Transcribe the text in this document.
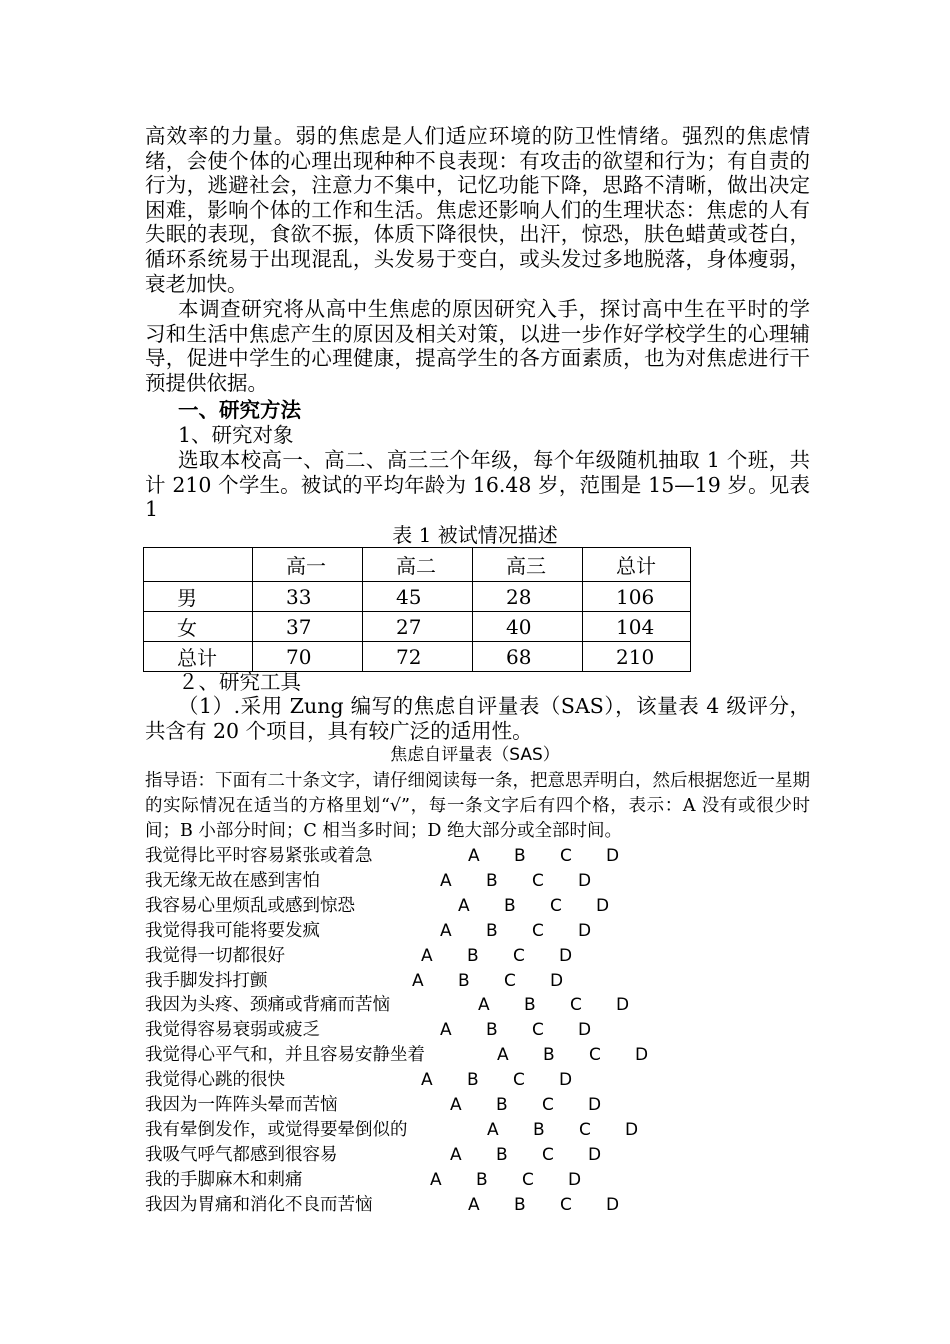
高效率的力量。弱的焦虑是人们适应环境的防卫性情绪。强烈的焦虑情绪，会使个体的心理出现种种不良表现：有攻击的欲望和行为；有自责的行为，逃避社会，注意力不集中，记忆功能下降，思路不清晰，做出决定困难，影响个体的工作和生活。焦虑还影响人们的生理状态：焦虑的人有失眠的表现，食欲不振，体质下降很快，出汗，惊恐，肤色蜡黄或苍白，循环系统易于出现混乱，头发易于变白，或头发过多地脱落，身体瘦弱，衰老加快。

本调查研究将从高中生焦虑的原因研究入手，探讨高中生在平时的学习和生活中焦虑产生的原因及相关对策，以进一步作好学校学生的心理辅导，促进中学生的心理健康，提高学生的各方面素质，也为对焦虑进行干预提供依据。

一、研究方法
1、研究对象

选取本校高一、高二、高三三个年级，每个年级随机抽取 1 个班，共计 210 个学生。被试的平均年龄为 16.48 岁，范围是 15—19 岁。见表 1

表 1 被试情况描述
	高一	高二	高三	总计
男	33	45	28	106
女	37	27	40	104
总计	70	72	68	210
２、研究工具

（1）.采用 Zung 编写的焦虑自评量表（SAS），该量表 4 级评分，共含有 20 个项目，具有较广泛的适用性。

焦虑自评量表（SAS）

指导语：下面有二十条文字，请仔细阅读每一条，把意思弄明白，然后根据您近一星期的实际情况在适当的方格里划“√”，每一条文字后有四个格，表示：A 没有或很少时间；B 小部分时间；C 相当多时间；D 绝大部分或全部时间。

我觉得比平时容易紧张或着急	A B C D
我无缘无故在感到害怕	A B C D
我容易心里烦乱或感到惊恐	A B C D
我觉得我可能将要发疯	A B C D
我觉得一切都很好	A B C D
我手脚发抖打颤	A B C D
我因为头疼、颈痛或背痛而苦恼	A B C D
我觉得容易衰弱或疲乏	A B C D
我觉得心平气和，并且容易安静坐着	A B C D
我觉得心跳的很快	A B C D
我因为一阵阵头晕而苦恼	A B C D
我有晕倒发作，或觉得要晕倒似的	A B C D
我吸气呼气都感到很容易	A B C D
我的手脚麻木和刺痛	A B C D
我因为胃痛和消化不良而苦恼	A B C D
